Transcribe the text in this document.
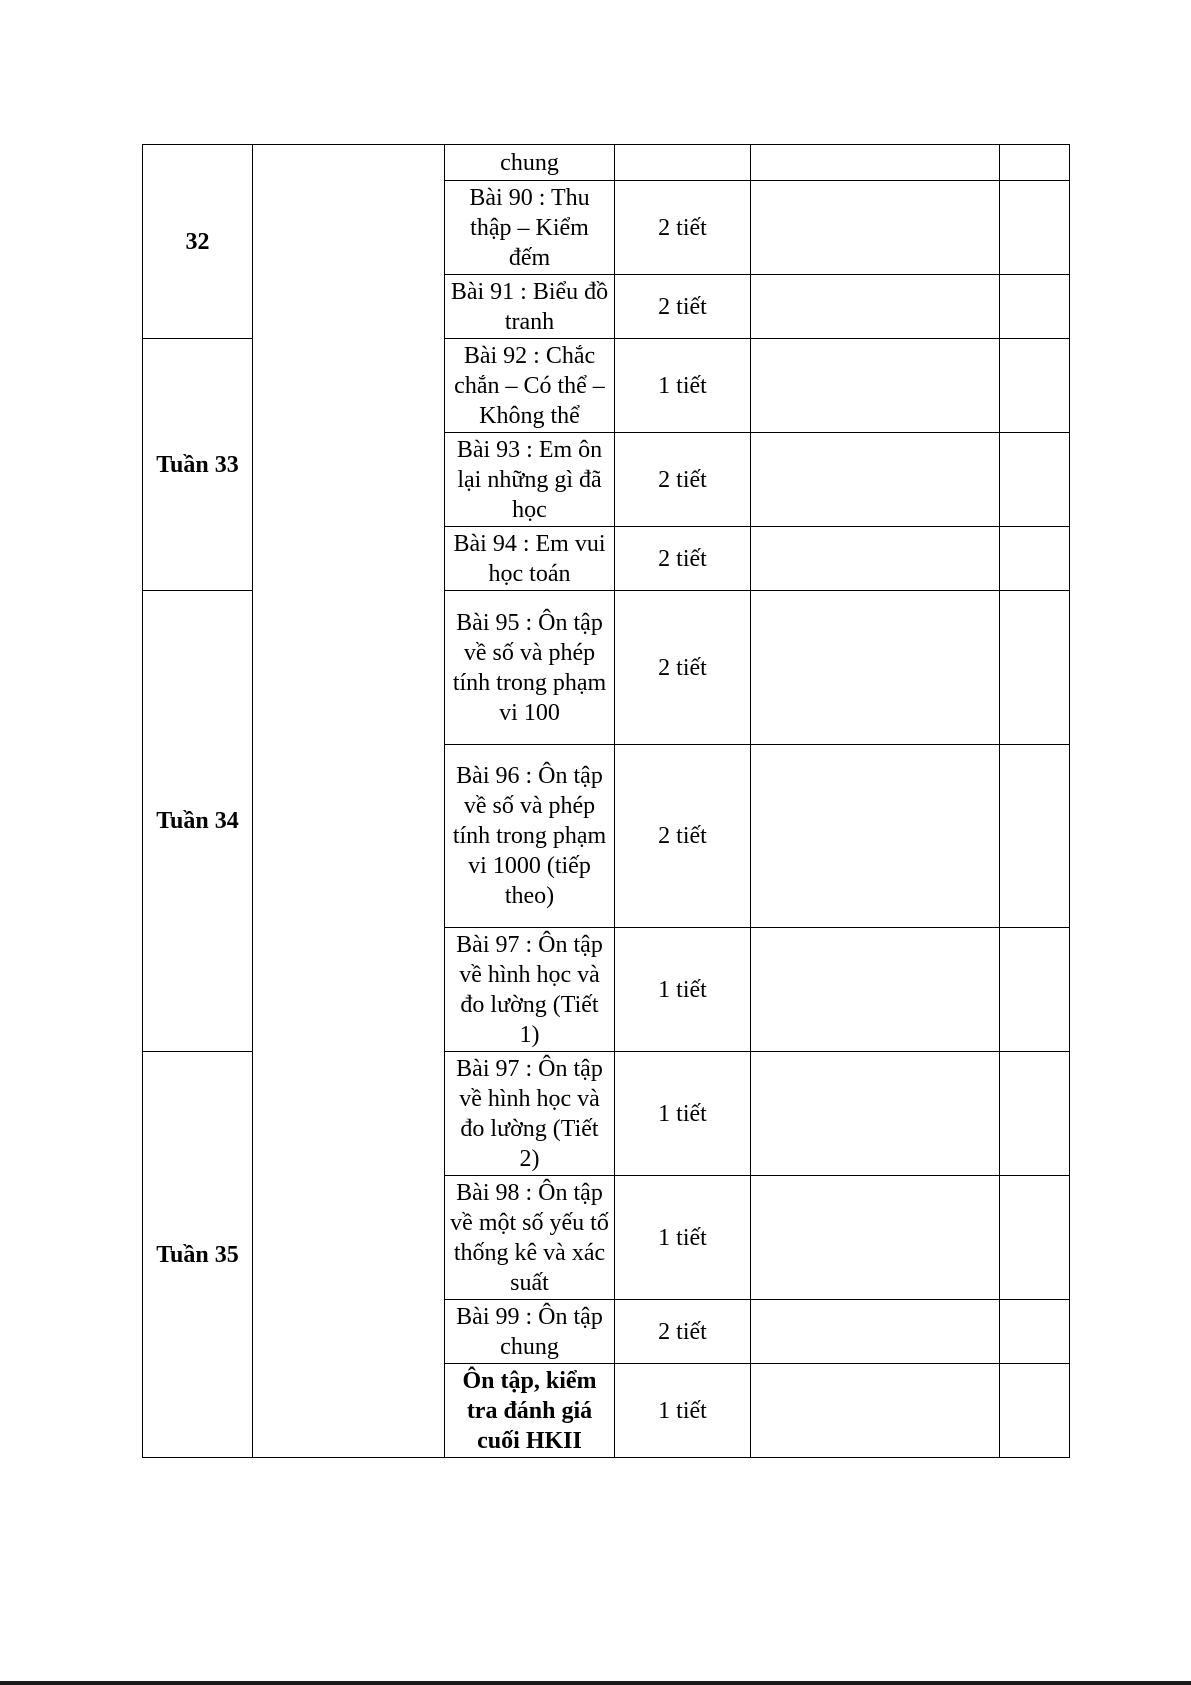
32		chung			
		Bài 90 : Thu thập – Kiểm đếm	2 tiết		
		Bài 91 : Biểu đồ tranh	2 tiết		
Tuần 33		Bài 92 : Chắc chắn – Có thể – Không thể	1 tiết		
		Bài 93 : Em ôn lại những gì đã học	2 tiết		
		Bài 94 : Em vui học toán	2 tiết		
Tuần 34		Bài 95 : Ôn tập về số và phép tính trong phạm vi 100	2 tiết		
		Bài 96 : Ôn tập về số và phép tính trong phạm vi 1000 (tiếp theo)	2 tiết		
		Bài 97 : Ôn tập về hình học và đo lường (Tiết 1)	1 tiết		
Tuần 35		Bài 97 : Ôn tập về hình học và đo lường (Tiết 2)	1 tiết		
		Bài 98 : Ôn tập về một số yếu tố thống kê và xác suất	1 tiết		
		Bài 99 : Ôn tập chung	2 tiết		
		Ôn tập, kiểm tra đánh giá cuối HKII	1 tiết		
